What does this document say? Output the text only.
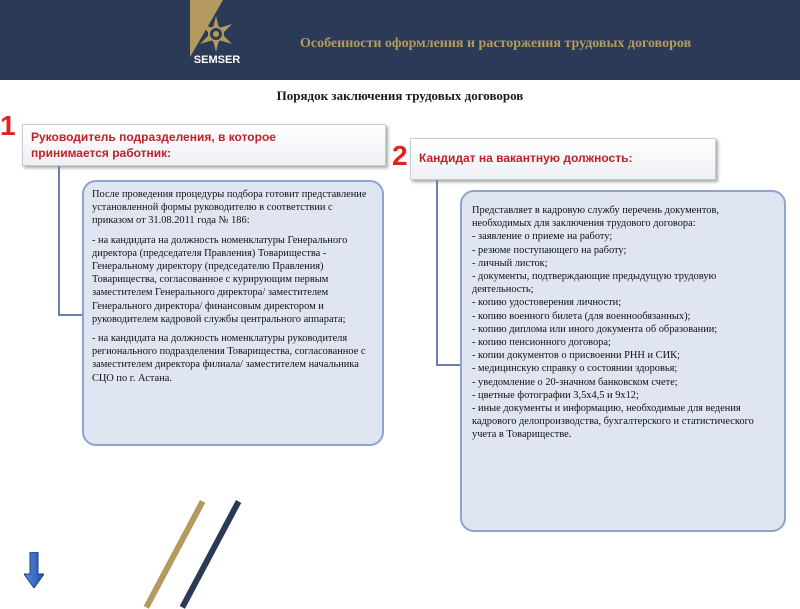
SEMSER
Особенности оформления и расторжения трудовых договоров
Порядок заключения трудовых договоров
1 Руководитель подразделения, в которое
принимается работник:

После проведения процедуры подбора готовит представление установленной формы руководителю в соответствии с приказом от 31.08.2011 года № 186:

- на кандидата на должность номенклатуры Генерального директора (председателя Правления) Товарищества - Генеральному директору (председателю Правления) Товарищества, согласованное с курирующим первым заместителем Генерального директора/ заместителем Генерального директора/ финансовым директором и руководителем кадровой службы центрального аппарата;

- на кандидата на должность номенклатуры руководителя регионального подразделения Товарищества, согласованное с заместителем директора филиала/ заместителем начальника СЦО по г. Астана.

2 Кандидат на вакантную должность:

Представляет в кадровую службу перечень документов, необходимых для заключения трудового договора:

- заявление о приеме на работу;

- резюме поступающего на работу;

- личный листок;

- документы, подтверждающие предыдущую трудовую деятельность;

- копию удостоверения личности;

- копию военного билета (для военнообязанных);

- копию диплома или иного документа об образовании;

- копию пенсионного договора;

- копии документов о присвоении РНН и СИК;

- медицинскую справку о состоянии здоровья;

- уведомление о 20-значном банковском счете;

- цветные фотографии 3,5х4,5 и 9х12;

- иные документы и информацию, необходимые для ведения кадрового делопроизводства, бухгалтерского и статистического учета в Товариществе.
